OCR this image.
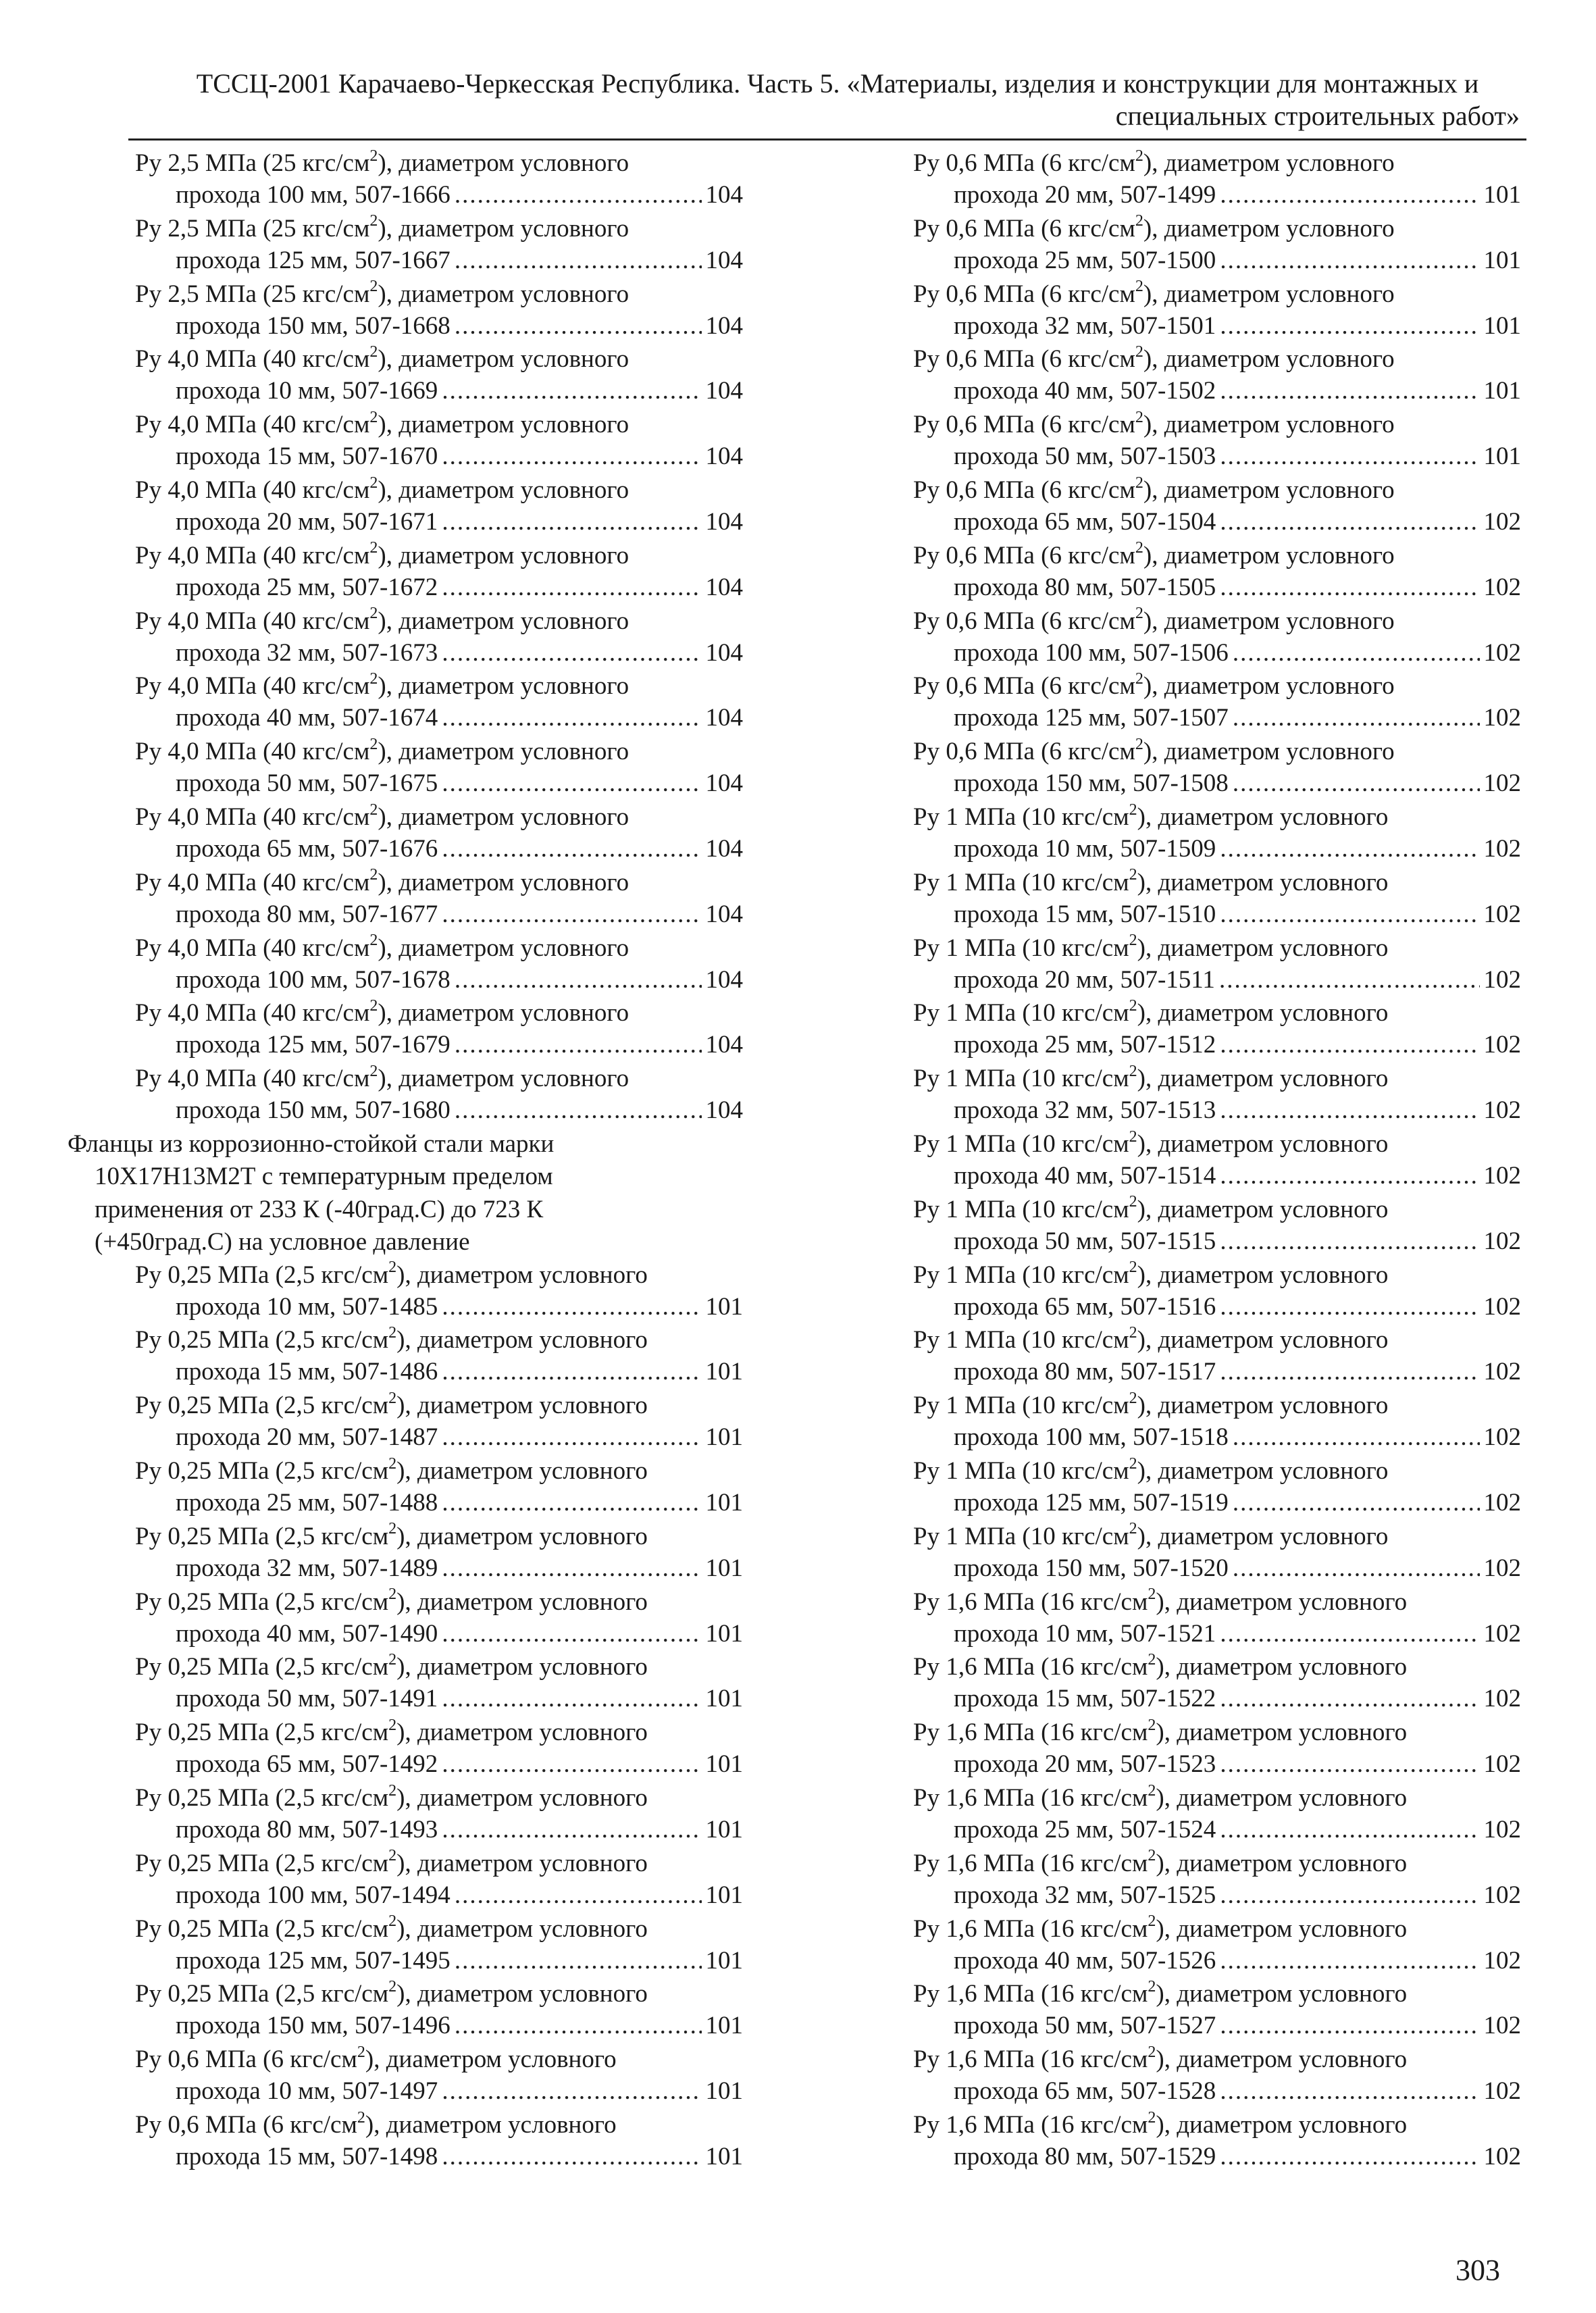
ТССЦ-2001 Карачаево-Черкесская Республика. Часть 5. «Материалы, изделия и конструкции для монтажных и
специальных строительных работ»
Ру 2,5 МПа (25 кгс/$см^2$), диаметром условного
прохода 100 мм, 507-1666 .....	104
Ру 2,5 МПа (25 кгс/$см^2$), диаметром условного
прохода 125 мм, 507-1667 .....	104
Ру 2,5 МПа (25 кгс/$см^2$), диаметром условного
прохода 150 мм, 507-1668 .....	104
Ру 4,0 МПа (40 кгс/$см^2$), диаметром условного
прохода 10 мм, 507-1669 .....	104
Ру 4,0 МПа (40 кгс/$см^2$), диаметром условного
прохода 15 мм, 507-1670 .....	104
Ру 4,0 МПа (40 кгс/$см^2$), диаметром условного
прохода 20 мм, 507-1671 .....	104
Ру 4,0 МПа (40 кгс/$см^2$), диаметром условного
прохода 25 мм, 507-1672 .....	104
Ру 4,0 МПа (40 кгс/$см^2$), диаметром условного
прохода 32 мм, 507-1673 .....	104
Ру 4,0 МПа (40 кгс/$см^2$), диаметром условного
прохода 40 мм, 507-1674 .....	104
Ру 4,0 МПа (40 кгс/$см^2$), диаметром условного
прохода 50 мм, 507-1675 .....	104
Ру 4,0 МПа (40 кгс/$см^2$), диаметром условного
прохода 65 мм, 507-1676 .....	104
Ру 4,0 МПа (40 кгс/$см^2$), диаметром условного
прохода 80 мм, 507-1677 .....	104
Ру 4,0 МПа (40 кгс/$см^2$), диаметром условного
прохода 100 мм, 507-1678 .....	104
Ру 4,0 МПа (40 кгс/$см^2$), диаметром условного
прохода 125 мм, 507-1679 .....	104
Ру 4,0 МПа (40 кгс/$см^2$), диаметром условного
прохода 150 мм, 507-1680 .....	104
Фланцы из коррозионно-стойкой стали марки
10Х17Н13М2Т с температурным пределом
применения от 233 К (-40град.С) до 723 К
(+450град.С) на условное давление
Ру 0,25 МПа (2,5 кгс/$см^2$), диаметром условного
прохода 10 мм, 507-1485 .....	101
Ру 0,25 МПа (2,5 кгс/$см^2$), диаметром условного
прохода 15 мм, 507-1486 .....	101
Ру 0,25 МПа (2,5 кгс/$см^2$), диаметром условного
прохода 20 мм, 507-1487 .....	101
Ру 0,25 МПа (2,5 кгс/$см^2$), диаметром условного
прохода 25 мм, 507-1488 .....	101
Ру 0,25 МПа (2,5 кгс/$см^2$), диаметром условного
прохода 32 мм, 507-1489 .....	101
Ру 0,25 МПа (2,5 кгс/$см^2$), диаметром условного
прохода 40 мм, 507-1490 .....	101
Ру 0,25 МПа (2,5 кгс/$см^2$), диаметром условного
прохода 50 мм, 507-1491 .....	101
Ру 0,25 МПа (2,5 кгс/$см^2$), диаметром условного
прохода 65 мм, 507-1492 .....	101
Ру 0,25 МПа (2,5 кгс/$см^2$), диаметром условного
прохода 80 мм, 507-1493 .....	101
Ру 0,25 МПа (2,5 кгс/$см^2$), диаметром условного
прохода 100 мм, 507-1494 .....	101
Ру 0,25 МПа (2,5 кгс/$см^2$), диаметром условного
прохода 125 мм, 507-1495 .....	101
Ру 0,25 МПа (2,5 кгс/$см^2$), диаметром условного
прохода 150 мм, 507-1496 .....	101
Ру 0,6 МПа (6 кгс/$см^2$), диаметром условного
прохода 10 мм, 507-1497 .....	101
Ру 0,6 МПа (6 кгс/$см^2$), диаметром условного
прохода 15 мм, 507-1498 .....	101
Ру 0,6 МПа (6 кгс/$см^2$), диаметром условного
прохода 20 мм, 507-1499 .....	101
Ру 0,6 МПа (6 кгс/$см^2$), диаметром условного
прохода 25 мм, 507-1500 .....	101
Ру 0,6 МПа (6 кгс/$см^2$), диаметром условного
прохода 32 мм, 507-1501 .....	101
Ру 0,6 МПа (6 кгс/$см^2$), диаметром условного
прохода 40 мм, 507-1502 .....	101
Ру 0,6 МПа (6 кгс/$см^2$), диаметром условного
прохода 50 мм, 507-1503 .....	101
Ру 0,6 МПа (6 кгс/$см^2$), диаметром условного
прохода 65 мм, 507-1504 .....	102
Ру 0,6 МПа (6 кгс/$см^2$), диаметром условного
прохода 80 мм, 507-1505 .....	102
Ру 0,6 МПа (6 кгс/$см^2$), диаметром условного
прохода 100 мм, 507-1506 .....	102
Ру 0,6 МПа (6 кгс/$см^2$), диаметром условного
прохода 125 мм, 507-1507 .....	102
Ру 0,6 МПа (6 кгс/$см^2$), диаметром условного
прохода 150 мм, 507-1508 .....	102
Ру 1 МПа (10 кгс/$см^2$), диаметром условного
прохода 10 мм, 507-1509 .....	102
Ру 1 МПа (10 кгс/$см^2$), диаметром условного
прохода 15 мм, 507-1510 .....	102
Ру 1 МПа (10 кгс/$см^2$), диаметром условного
прохода 20 мм, 507-1511 .....	102
Ру 1 МПа (10 кгс/$см^2$), диаметром условного
прохода 25 мм, 507-1512 .....	102
Ру 1 МПа (10 кгс/$см^2$), диаметром условного
прохода 32 мм, 507-1513 .....	102
Ру 1 МПа (10 кгс/$см^2$), диаметром условного
прохода 40 мм, 507-1514 .....	102
Ру 1 МПа (10 кгс/$см^2$), диаметром условного
прохода 50 мм, 507-1515 .....	102
Ру 1 МПа (10 кгс/$см^2$), диаметром условного
прохода 65 мм, 507-1516 .....	102
Ру 1 МПа (10 кгс/$см^2$), диаметром условного
прохода 80 мм, 507-1517 .....	102
Ру 1 МПа (10 кгс/$см^2$), диаметром условного
прохода 100 мм, 507-1518 .....	102
Ру 1 МПа (10 кгс/$см^2$), диаметром условного
прохода 125 мм, 507-1519 .....	102
Ру 1 МПа (10 кгс/$см^2$), диаметром условного
прохода 150 мм, 507-1520 .....	102
Ру 1,6 МПа (16 кгс/$см^2$), диаметром условного
прохода 10 мм, 507-1521 .....	102
Ру 1,6 МПа (16 кгс/$см^2$), диаметром условного
прохода 15 мм, 507-1522 .....	102
Ру 1,6 МПа (16 кгс/$см^2$), диаметром условного
прохода 20 мм, 507-1523 .....	102
Ру 1,6 МПа (16 кгс/$см^2$), диаметром условного
прохода 25 мм, 507-1524 .....	102
Ру 1,6 МПа (16 кгс/$см^2$), диаметром условного
прохода 32 мм, 507-1525 .....	102
Ру 1,6 МПа (16 кгс/$см^2$), диаметром условного
прохода 40 мм, 507-1526 .....	102
Ру 1,6 МПа (16 кгс/$см^2$), диаметром условного
прохода 50 мм, 507-1527 .....	102
Ру 1,6 МПа (16 кгс/$см^2$), диаметром условного
прохода 65 мм, 507-1528 .....	102
Ру 1,6 МПа (16 кгс/$см^2$), диаметром условного
прохода 80 мм, 507-1529 .....	102
303
